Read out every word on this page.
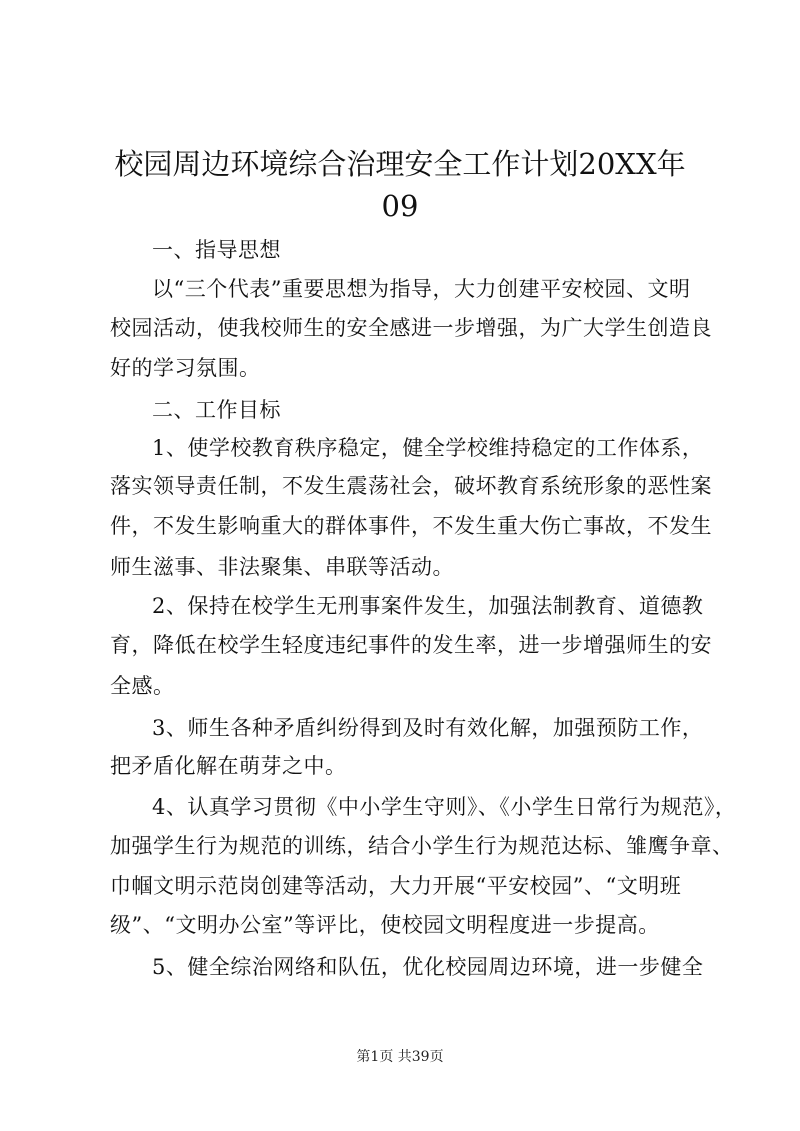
校园周边环境综合治理安全工作计划20XX年
09
一、指导思想
以“三个代表”重要思想为指导，大力创建平安校园、文明
校园活动，使我校师生的安全感进一步增强，为广大学生创造良
好的学习氛围。
二、工作目标
1、使学校教育秩序稳定，健全学校维持稳定的工作体系，
落实领导责任制，不发生震荡社会，破坏教育系统形象的恶性案
件，不发生影响重大的群体事件，不发生重大伤亡事故，不发生
师生滋事、非法聚集、串联等活动。
2、保持在校学生无刑事案件发生，加强法制教育、道德教
育，降低在校学生轻度违纪事件的发生率，进一步增强师生的安
全感。
3、师生各种矛盾纠纷得到及时有效化解，加强预防工作，
把矛盾化解在萌芽之中。
4、认真学习贯彻《中小学生守则》、《小学生日常行为规范》，
加强学生行为规范的训练，结合小学生行为规范达标、雏鹰争章、
巾帼文明示范岗创建等活动，大力开展“平安校园”、“文明班
级”、“文明办公室”等评比，使校园文明程度进一步提高。
5、健全综治网络和队伍，优化校园周边环境，进一步健全
第1页 共39页
